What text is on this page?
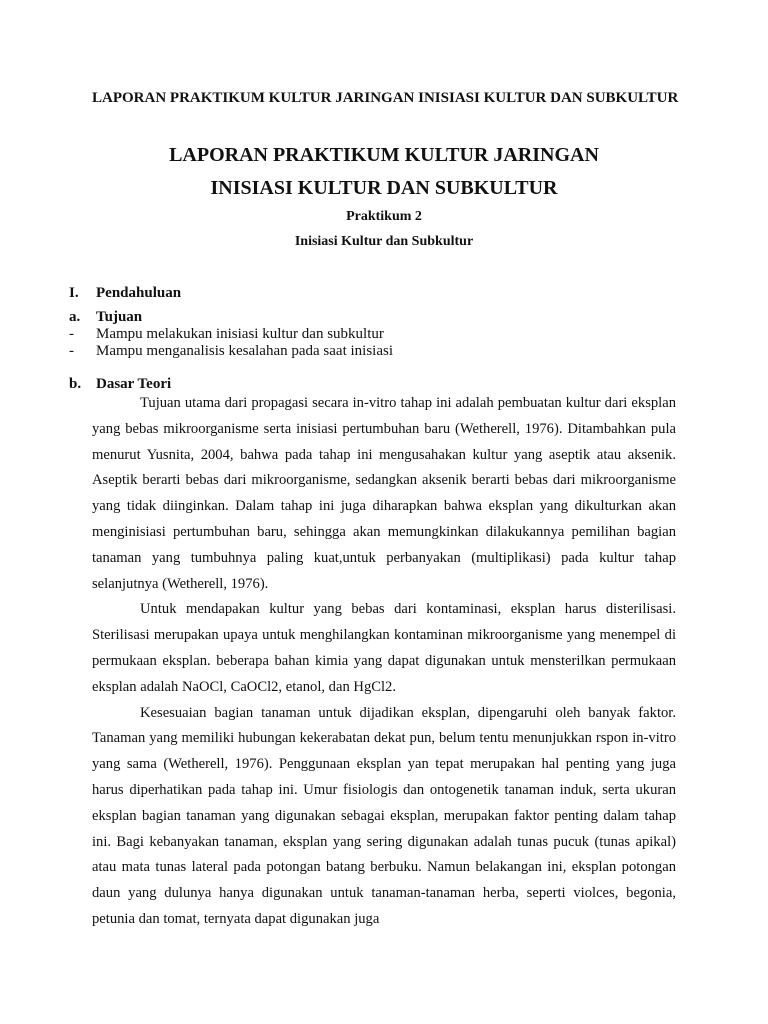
LAPORAN PRAKTIKUM KULTUR JARINGAN INISIASI KULTUR DAN SUBKULTUR
LAPORAN PRAKTIKUM KULTUR JARINGAN
INISIASI KULTUR DAN SUBKULTUR
Praktikum 2
Inisiasi Kultur dan Subkultur
I. Pendahuluan
a. Tujuan
- Mampu melakukan inisiasi kultur dan subkultur
- Mampu menganalisis kesalahan pada saat inisiasi
b. Dasar Teori

Tujuan utama dari propagasi secara in-vitro tahap ini adalah pembuatan kultur dari eksplan yang bebas mikroorganisme serta inisiasi pertumbuhan baru (Wetherell, 1976). Ditambahkan pula menurut Yusnita, 2004, bahwa pada tahap ini mengusahakan kultur yang aseptik atau aksenik. Aseptik berarti bebas dari mikroorganisme, sedangkan aksenik berarti bebas dari mikroorganisme yang tidak diinginkan. Dalam tahap ini juga diharapkan bahwa eksplan yang dikulturkan akan menginisiasi pertumbuhan baru, sehingga akan memungkinkan dilakukannya pemilihan bagian tanaman yang tumbuhnya paling kuat,untuk perbanyakan (multiplikasi) pada kultur tahap selanjutnya (Wetherell, 1976).

Untuk mendapakan kultur yang bebas dari kontaminasi, eksplan harus disterilisasi. Sterilisasi merupakan upaya untuk menghilangkan kontaminan mikroorganisme yang menempel di permukaan eksplan. beberapa bahan kimia yang dapat digunakan untuk mensterilkan permukaan eksplan adalah NaOCl, CaOCl2, etanol, dan HgCl2.

Kesesuaian bagian tanaman untuk dijadikan eksplan, dipengaruhi oleh banyak faktor. Tanaman yang memiliki hubungan kekerabatan dekat pun, belum tentu menunjukkan rspon in-vitro yang sama (Wetherell, 1976). Penggunaan eksplan yan tepat merupakan hal penting yang juga harus diperhatikan pada tahap ini. Umur fisiologis dan ontogenetik tanaman induk, serta ukuran eksplan bagian tanaman yang digunakan sebagai eksplan, merupakan faktor penting dalam tahap ini. Bagi kebanyakan tanaman, eksplan yang sering digunakan adalah tunas pucuk (tunas apikal) atau mata tunas lateral pada potongan batang berbuku. Namun belakangan ini, eksplan potongan daun yang dulunya hanya digunakan untuk tanaman-tanaman herba, seperti violces, begonia, petunia dan tomat, ternyata dapat digunakan juga
